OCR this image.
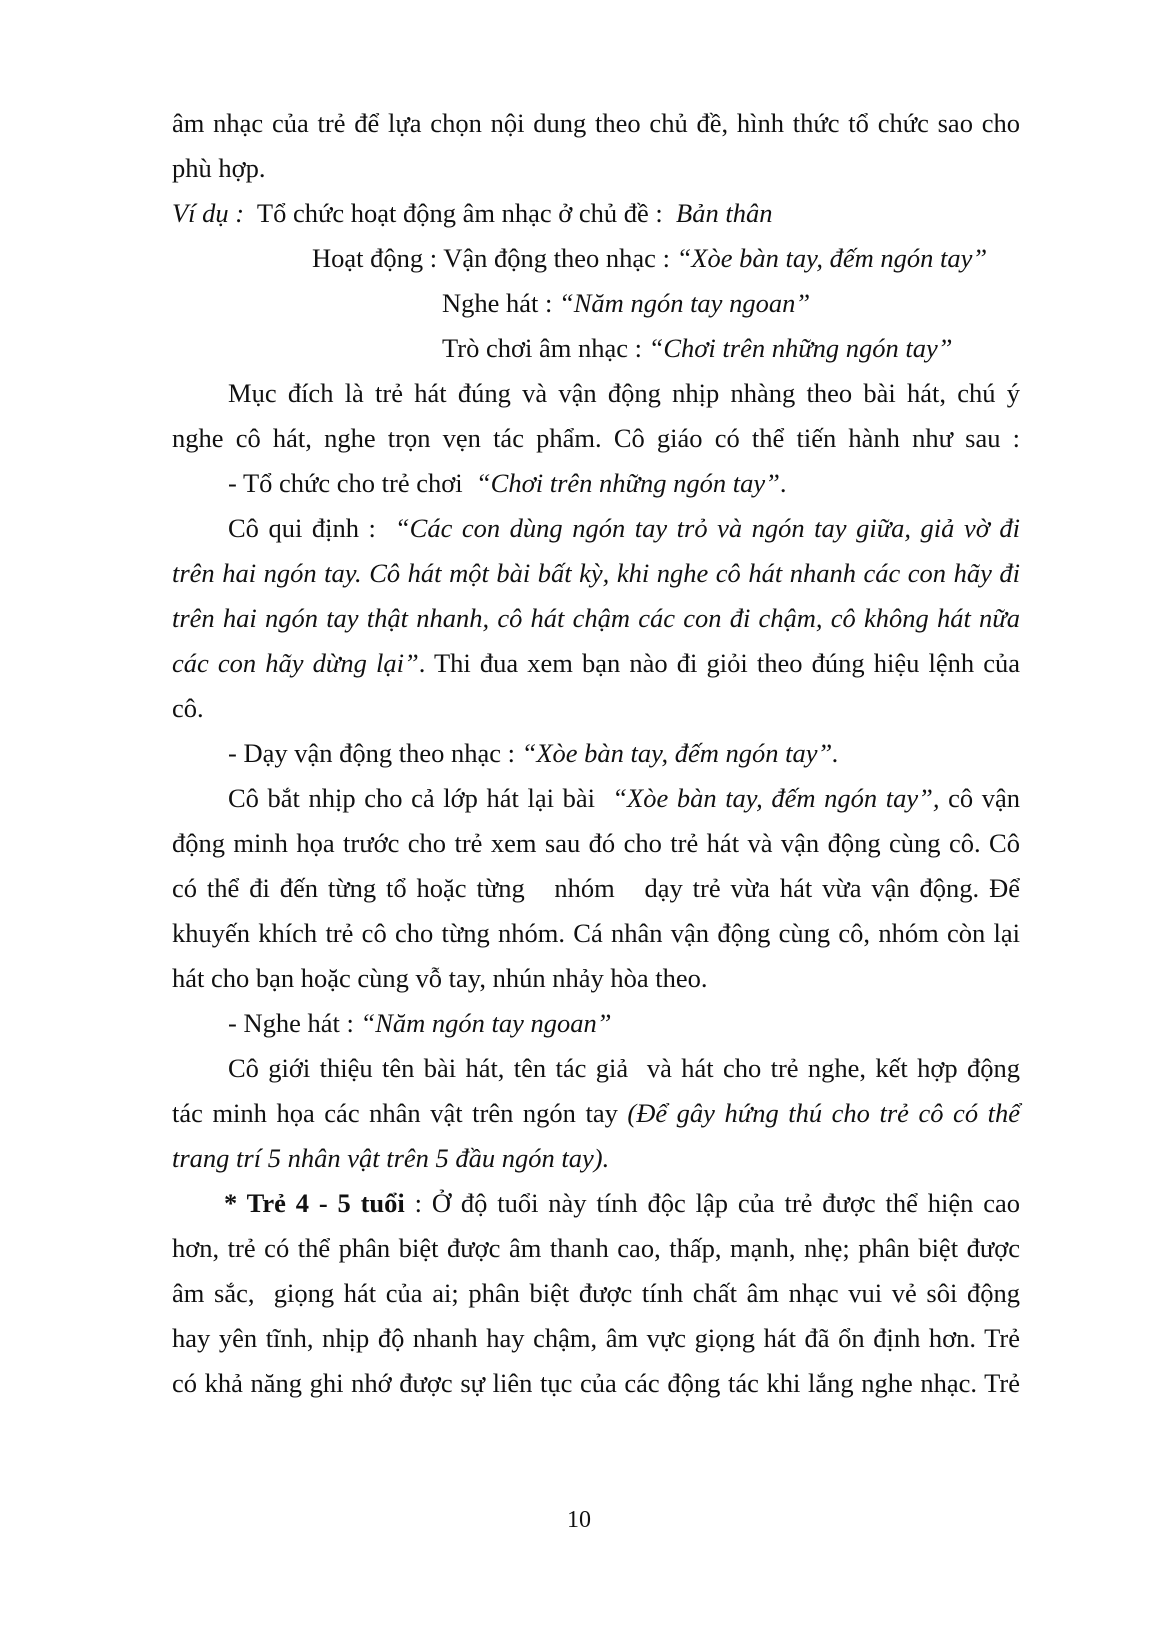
âm nhạc của trẻ để lựa chọn nội dung theo chủ đề, hình thức tổ chức sao cho
phù hợp.
Ví dụ :  Tổ chức hoạt động âm nhạc ở chủ đề :  Bản thân
Hoạt động : Vận động theo nhạc : “Xòe bàn tay, đếm ngón tay”
Nghe hát : “Năm ngón tay ngoan”
Trò chơi âm nhạc : “Chơi trên những ngón tay”
Mục đích là trẻ hát đúng và vận động nhịp nhàng theo bài hát, chú ý
nghe cô hát, nghe trọn vẹn tác phẩm. Cô giáo có thể tiến hành như sau :
- Tổ chức cho trẻ chơi  “Chơi trên những ngón tay”.
Cô qui định :  “Các con dùng ngón tay trỏ và ngón tay giữa, giả vờ đi
trên hai ngón tay. Cô hát một bài bất kỳ, khi nghe cô hát nhanh các con hãy đi
trên hai ngón tay thật nhanh, cô hát chậm các con đi chậm, cô không hát nữa
các con hãy dừng lại”. Thi đua xem bạn nào đi giỏi theo đúng hiệu lệnh của
cô.
- Dạy vận động theo nhạc : “Xòe bàn tay, đếm ngón tay”.
Cô bắt nhịp cho cả lớp hát lại bài  “Xòe bàn tay, đếm ngón tay”, cô vận
động minh họa trước cho trẻ xem sau đó cho trẻ hát và vận động cùng cô. Cô
có thể đi đến từng tổ hoặc từng   nhóm   dạy trẻ vừa hát vừa vận động. Để
khuyến khích trẻ cô cho từng nhóm. Cá nhân vận động cùng cô, nhóm còn lại
hát cho bạn hoặc cùng vỗ tay, nhún nhảy hòa theo.
- Nghe hát : “Năm ngón tay ngoan”
Cô giới thiệu tên bài hát, tên tác giả  và hát cho trẻ nghe, kết hợp động
tác minh họa các nhân vật trên ngón tay (Để gây hứng thú cho trẻ cô có thể
trang trí 5 nhân vật trên 5 đầu ngón tay).
* Trẻ 4 - 5 tuổi : Ở độ tuổi này tính độc lập của trẻ được thể hiện cao
hơn, trẻ có thể phân biệt được âm thanh cao, thấp, mạnh, nhẹ; phân biệt được
âm sắc,  giọng hát của ai; phân biệt được tính chất âm nhạc vui vẻ sôi động
hay yên tĩnh, nhịp độ nhanh hay chậm, âm vực giọng hát đã ổn định hơn. Trẻ
có khả năng ghi nhớ được sự liên tục của các động tác khi lắng nghe nhạc. Trẻ
10
